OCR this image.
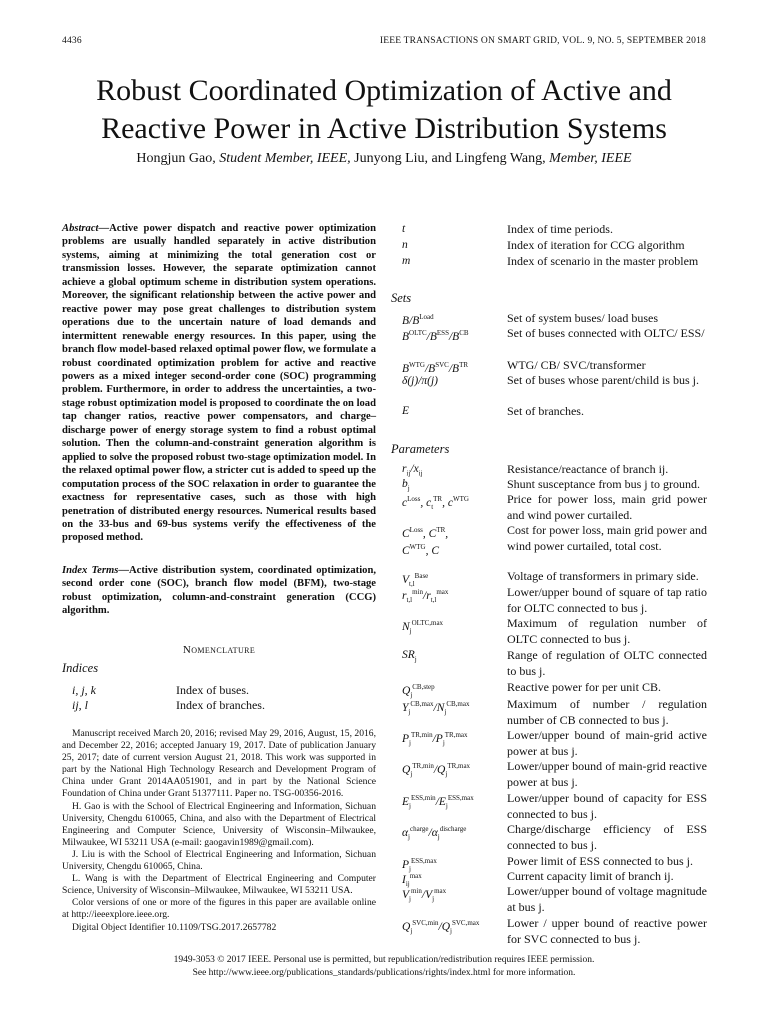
4436	IEEE TRANSACTIONS ON SMART GRID, VOL. 9, NO. 5, SEPTEMBER 2018
Robust Coordinated Optimization of Active and
Reactive Power in Active Distribution Systems
Hongjun Gao, Student Member, IEEE, Junyong Liu, and Lingfeng Wang, Member, IEEE
Abstract—Active power dispatch and reactive power optimization problems are usually handled separately in active distribution systems, aiming at minimizing the total generation cost or transmission losses. However, the separate optimization cannot achieve a global optimum scheme in distribution system operations. Moreover, the significant relationship between the active power and reactive power may pose great challenges to distribution system operations due to the uncertain nature of load demands and intermittent renewable energy resources. In this paper, using the branch flow model-based relaxed optimal power flow, we formulate a robust coordinated optimization problem for active and reactive powers as a mixed integer second-order cone (SOC) programming problem. Furthermore, in order to address the uncertainties, a two-stage robust optimization model is proposed to coordinate the on load tap changer ratios, reactive power compensators, and charge–discharge power of energy storage system to find a robust optimal solution. Then the column-and-constraint generation algorithm is applied to solve the proposed robust two-stage optimization model. In the relaxed optimal power flow, a stricter cut is added to speed up the computation process of the SOC relaxation in order to guarantee the exactness for representative cases, such as those with high penetration of distributed energy resources. Numerical results based on the 33-bus and 69-bus systems verify the effectiveness of the proposed method.
Index Terms—Active distribution system, coordinated optimization, second order cone (SOC), branch flow model (BFM), two-stage robust optimization, column-and-constraint generation (CCG) algorithm.
Nomenclature
Indices
i, j, k	Index of buses.
ij, l	Index of branches.

Manuscript received March 20, 2016; revised May 29, 2016, August, 15, 2016, and December 22, 2016; accepted January 19, 2017. Date of publication January 25, 2017; date of current version August 21, 2018. This work was supported in part by the National High Technology Research and Development Program of China under Grant 2014AA051901, and in part by the National Science Foundation of China under Grant 51377111. Paper no. TSG-00356-2016.

H. Gao is with the School of Electrical Engineering and Information, Sichuan University, Chengdu 610065, China, and also with the Department of Electrical Engineering and Computer Science, University of Wisconsin–Milwaukee, Milwaukee, WI 53211 USA (e-mail: gaogavin1989@gmail.com).

J. Liu is with the School of Electrical Engineering and Information, Sichuan University, Chengdu 610065, China.

L. Wang is with the Department of Electrical Engineering and Computer Science, University of Wisconsin–Milwaukee, Milwaukee, WI 53211 USA.

Color versions of one or more of the figures in this paper are available online at http://ieeexplore.ieee.org.

Digital Object Identifier 10.1109/TSG.2017.2657782

t	Index of time periods.
n	Index of iteration for CCG algorithm
m	Index of scenario in the master problem
Sets
$B/B^{Load}$	Set of system buses/ load buses
$B^{OLTC}/B^{ESS}/B^{CB}$	Set of buses connected with OLTC/ ESS/
$B^{WTG}/B^{SVC}/B^{TR}$	WTG/ CB/ SVC/transformer
δ(j)/π(j)	Set of buses whose parent/child is bus j.
E	Set of branches.
Parameters
$r_{ij}/x_{ij}$	Resistance/reactance of branch ij.
$b_j$	Shunt susceptance from bus j to ground.
$c^{Loss}$, $c_t^{TR}$, $c^{WTG}$	Price for power loss, main grid power and wind power curtailed.
$C^{Loss}$, $C^{TR}$,
$C^{WTG}$, C
Cost for power loss, main grid power and wind power curtailed, total cost.
$V_{t,l}^{Base}$	Voltage of transformers in primary side.
$r_{t,l}^{min}/r_{t,l}^{max}$	Lower/upper bound of square of tap ratio for OLTC connected to bus j.
$N_j^{OLTC,max}$	Maximum of regulation number of OLTC connected to bus j.
$SR_j$	Range of regulation of OLTC connected to bus j.
$Q_j^{CB,step}$	Reactive power for per unit CB.
$Y_j^{CB,max}/N_j^{CB,max}$	Maximum of number / regulation number of CB connected to bus j.
$P_j^{TR,min}/P_j^{TR,max}$	Lower/upper bound of main-grid active power at bus j.
$Q_j^{TR,min}/Q_j^{TR,max}$	Lower/upper bound of main-grid reactive power at bus j.
$E_j^{ESS,min}/E_j^{ESS,max}$	Lower/upper bound of capacity for ESS connected to bus j.
$\alpha_j^{charge}/\alpha_j^{discharge}$	Charge/discharge efficiency of ESS connected to bus j.
$P_j^{ESS,max}$	Power limit of ESS connected to bus j.
$I_{ij}^{max}$	Current capacity limit of branch ij.
$V_j^{min}/V_j^{max}$	Lower/upper bound of voltage magnitude at bus j.
$Q_j^{SVC,min}/Q_j^{SVC,max}$	Lower / upper bound of reactive power for SVC connected to bus j.
1949-3053 © 2017 IEEE. Personal use is permitted, but republication/redistribution requires IEEE permission.
See http://www.ieee.org/publications_standards/publications/rights/index.html for more information.
